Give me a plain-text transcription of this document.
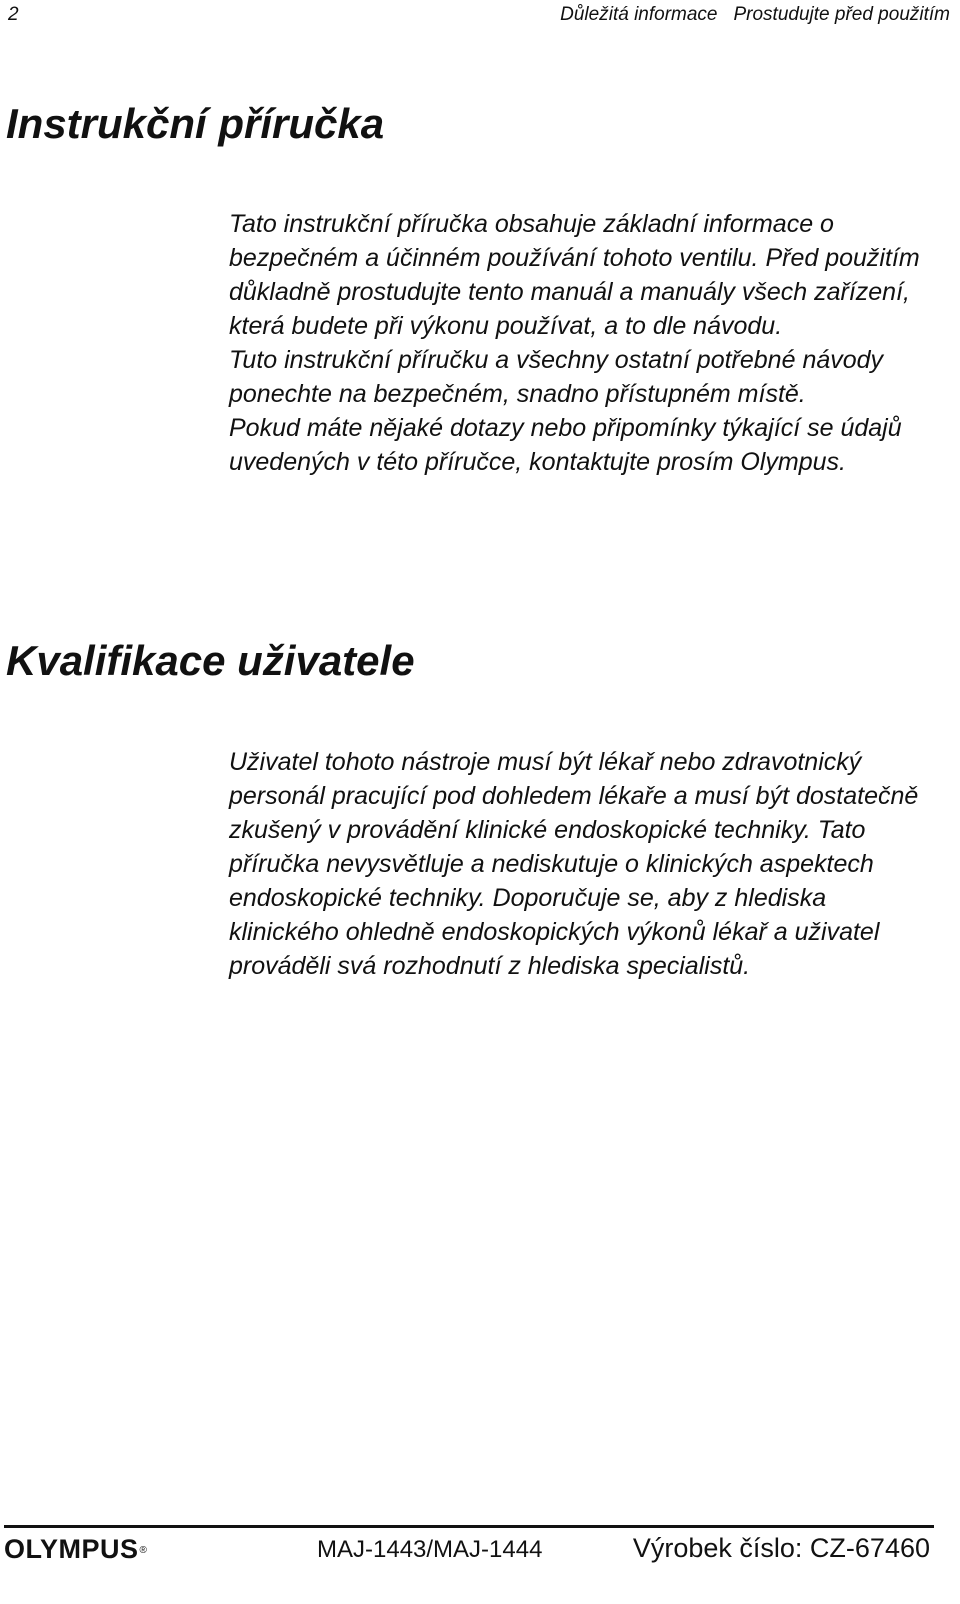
2	Důležitá informace Prostudujte před použitím
Instrukční příručka

Tato instrukční příručka obsahuje základní informace o bezpečném a účinném používání tohoto ventilu. Před použitím důkladně prostudujte tento manuál a manuály všech zařízení, která budete při výkonu používat, a to dle návodu.

Tuto instrukční příručku a všechny ostatní potřebné návody ponechte na bezpečném, snadno přístupném místě.

Pokud máte nějaké dotazy nebo připomínky týkající se údajů uvedených v této příručce, kontaktujte prosím Olympus.

Kvalifikace uživatele

Uživatel tohoto nástroje musí být lékař nebo zdravotnický personál pracující pod dohledem lékaře a musí být dostatečně zkušený v provádění klinické endoskopické techniky. Tato příručka nevysvětluje a nediskutuje o klinických aspektech endoskopické techniky. Doporučuje se, aby z hlediska klinického ohledně endoskopických výkonů lékař a uživatel prováděli svá rozhodnutí z hlediska specialistů.

OLYMPUS®	MAJ-1443/MAJ-1444	Výrobek číslo: CZ-67460
